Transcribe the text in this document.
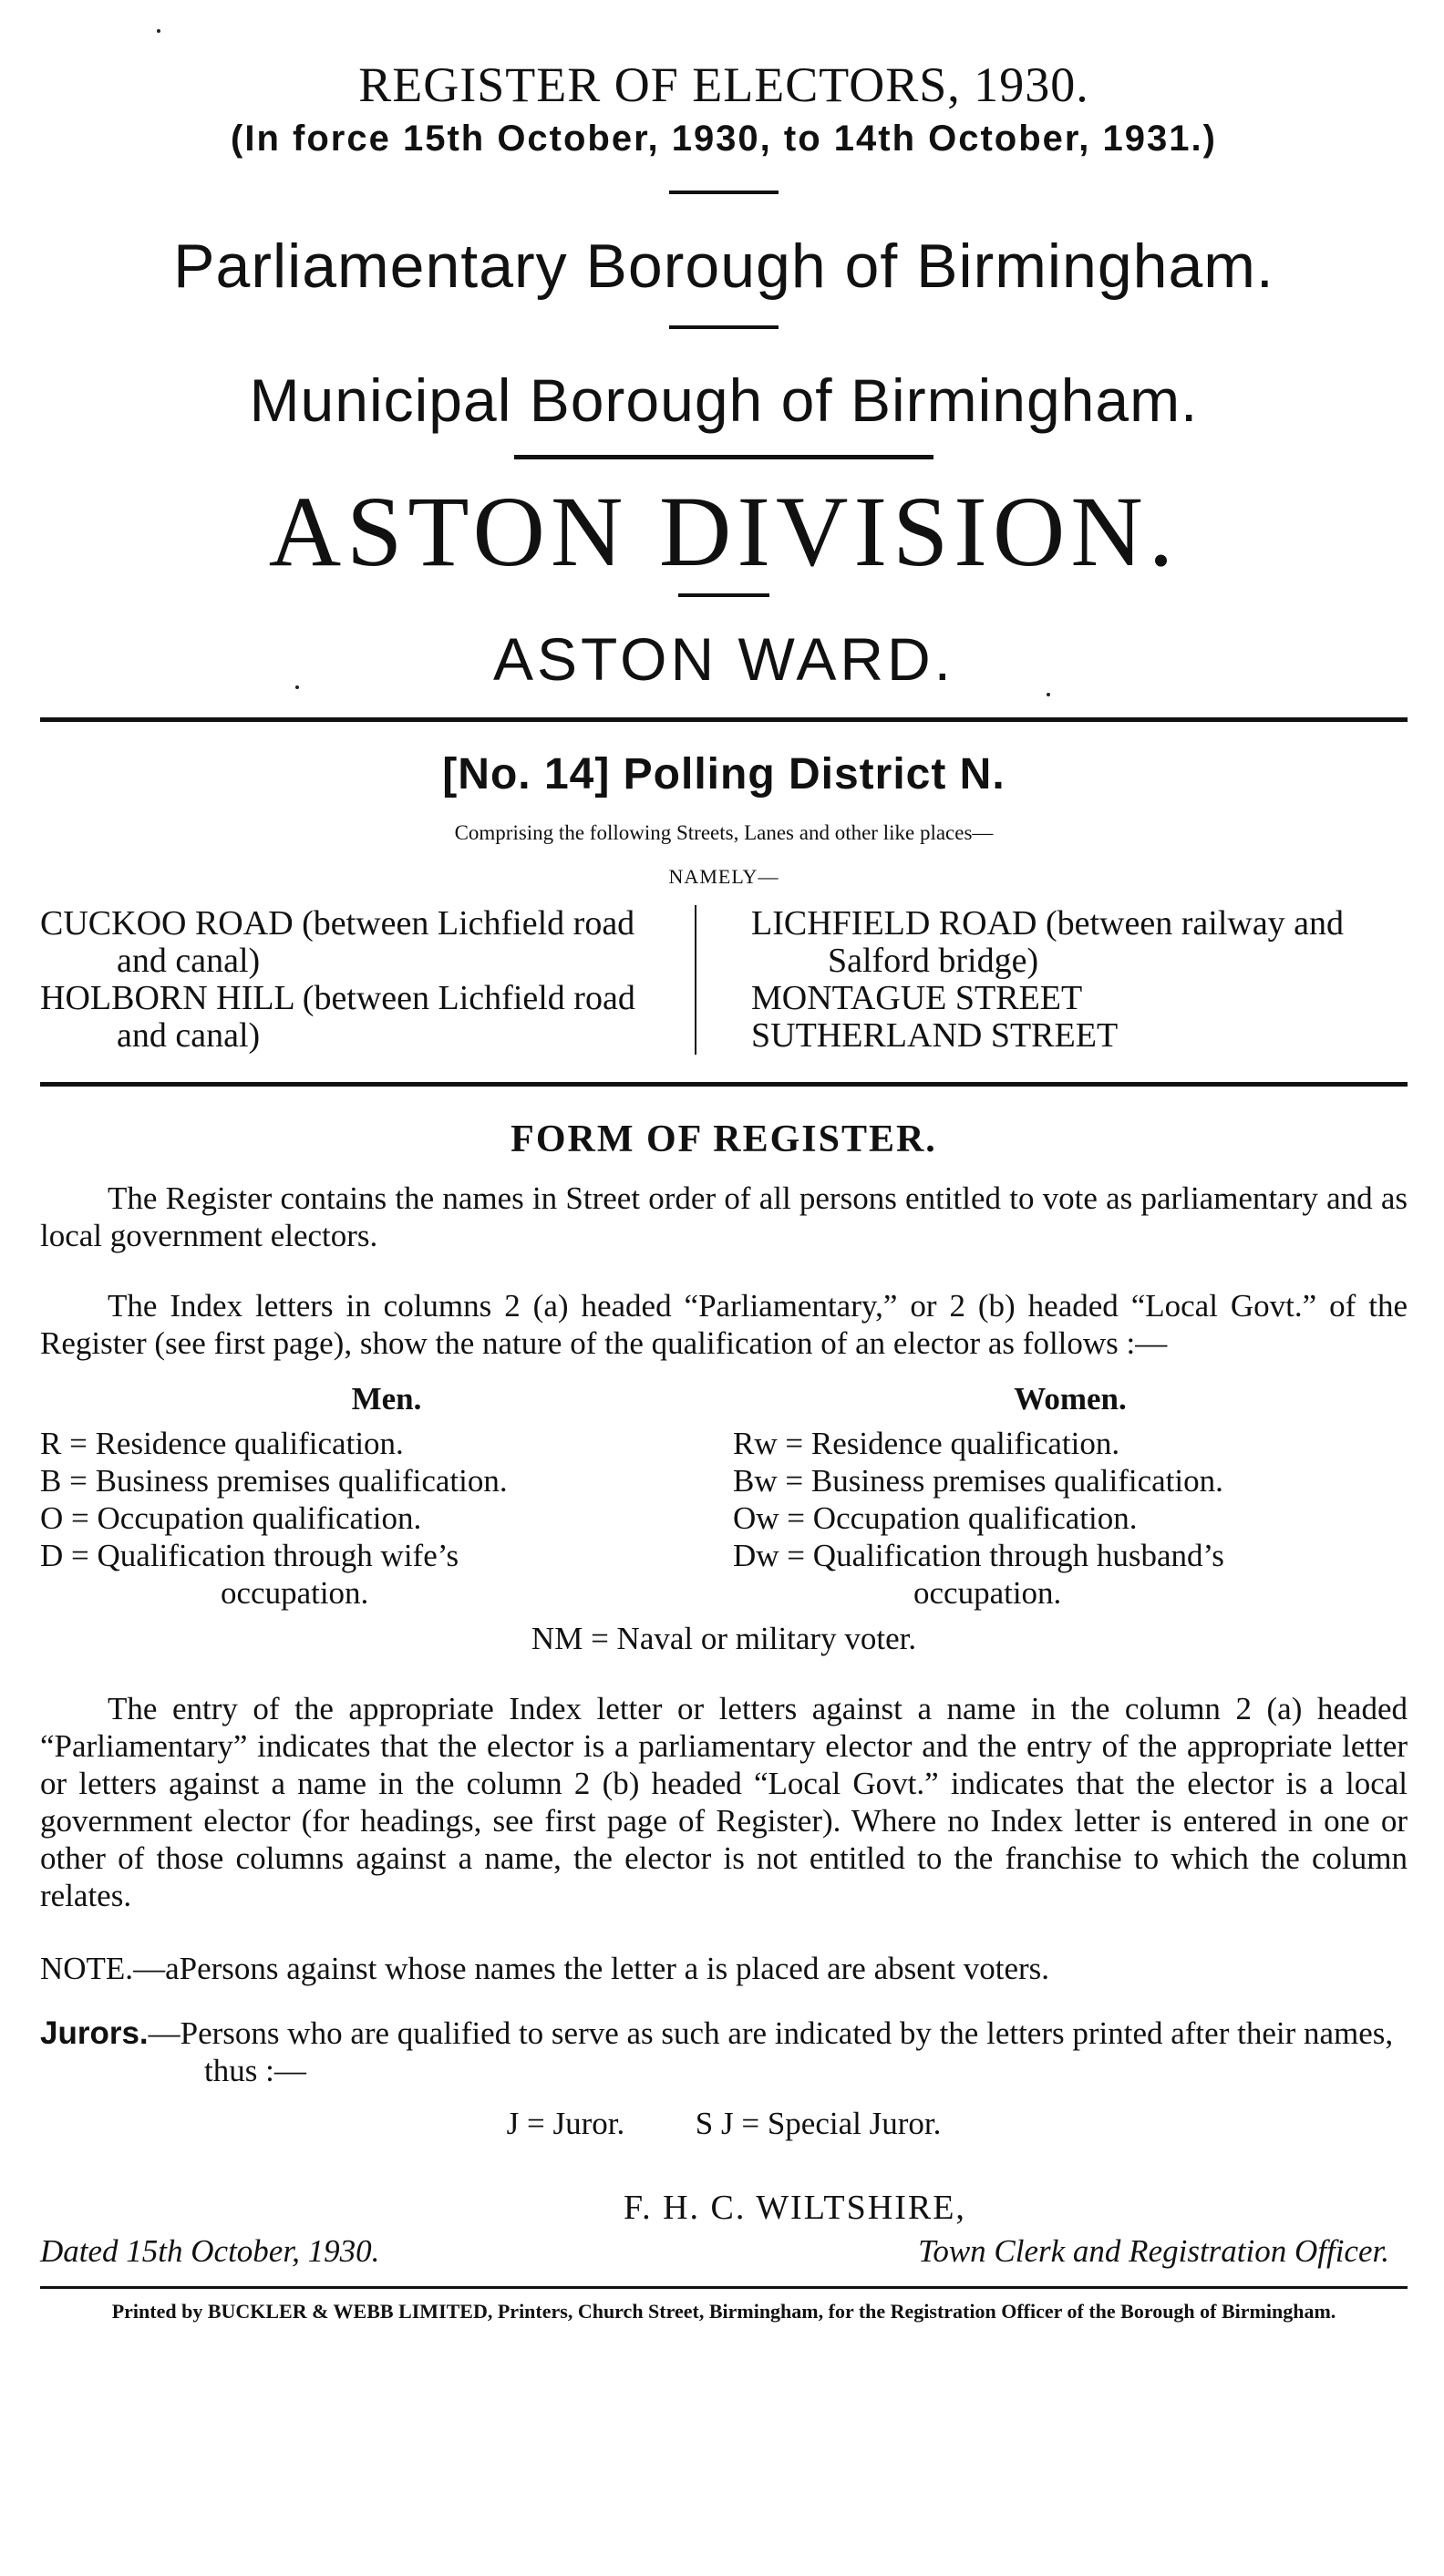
REGISTER OF ELECTORS, 1930.
(In force 15th October, 1930, to 14th October, 1931.)
Parliamentary Borough of Birmingham.
Municipal Borough of Birmingham.
ASTON DIVISION.
ASTON WARD.
[No. 14] Polling District N.
Comprising the following Streets, Lanes and other like places—
NAMELY—
CUCKOO ROAD (between Lichfield road and canal)
HOLBORN HILL (between Lichfield road and canal)
LICHFIELD ROAD (between railway and Salford bridge)
MONTAGUE STREET
SUTHERLAND STREET
FORM OF REGISTER.
The Register contains the names in Street order of all persons entitled to vote as parliamentary and as local government electors.
The Index letters in columns 2 (a) headed “Parliamentary,” or 2 (b) headed “Local Govt.” of the Register (see first page), show the nature of the qualification of an elector as follows :—
Men.
R = Residence qualification.
B = Business premises qualification.
O = Occupation qualification.
D = Qualification through wife’s
occupation.
Women.
Rw = Residence qualification.
Bw = Business premises qualification.
Ow = Occupation qualification.
Dw = Qualification through husband’s
occupation.
NM = Naval or military voter.
The entry of the appropriate Index letter or letters against a name in the column 2 (a) headed “Parliamentary” indicates that the elector is a parliamentary elector and the entry of the appropriate letter or letters against a name in the column 2 (b) headed “Local Govt.” indicates that the elector is a local government elector (for headings, see first page of Register). Where no Index letter is entered in one or other of those columns against a name, the elector is not entitled to the franchise to which the column relates.
NOTE.—aPersons against whose names the letter a is placed are absent voters.
Jurors.—Persons who are qualified to serve as such are indicated by the letters printed after their names, thus :—
J = Juror. S J = Special Juror.
F. H. C. WILTSHIRE,
Dated 15th October, 1930.	Town Clerk and Registration Officer.
Printed by BUCKLER & WEBB LIMITED, Printers, Church Street, Birmingham, for the Registration Officer of the Borough of Birmingham.
